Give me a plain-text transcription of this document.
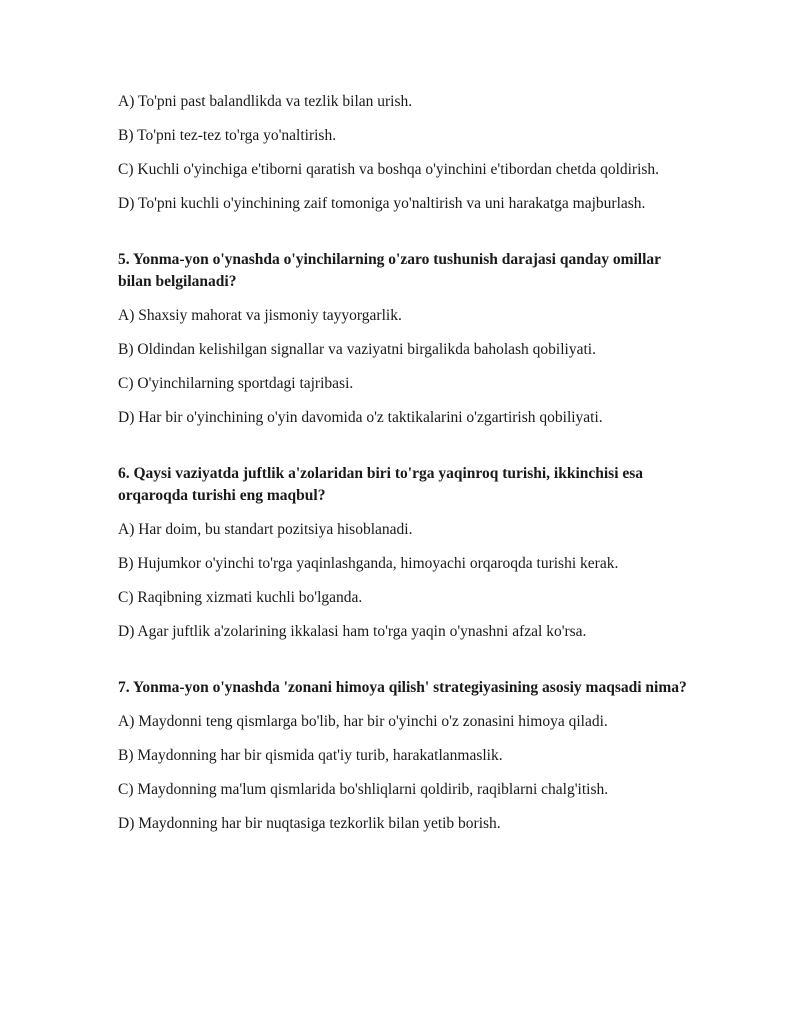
A) To'pni past balandlikda va tezlik bilan urish.

B) To'pni tez-tez to'rga yo'naltirish.

C) Kuchli o'yinchiga e'tiborni qaratish va boshqa o'yinchini e'tibordan chetda qoldirish.

D) To'pni kuchli o'yinchining zaif tomoniga yo'naltirish va uni harakatga majburlash.

5. Yonma-yon o'ynashda o'yinchilarning o'zaro tushunish darajasi qanday omillar bilan belgilanadi?

A) Shaxsiy mahorat va jismoniy tayyorgarlik.

B) Oldindan kelishilgan signallar va vaziyatni birgalikda baholash qobiliyati.

C) O'yinchilarning sportdagi tajribasi.

D) Har bir o'yinchining o'yin davomida o'z taktikalarini o'zgartirish qobiliyati.

6. Qaysi vaziyatda juftlik a'zolaridan biri to'rga yaqinroq turishi, ikkinchisi esa orqaroqda turishi eng maqbul?

A) Har doim, bu standart pozitsiya hisoblanadi.

B) Hujumkor o'yinchi to'rga yaqinlashganda, himoyachi orqaroqda turishi kerak.

C) Raqibning xizmati kuchli bo'lganda.

D) Agar juftlik a'zolarining ikkalasi ham to'rga yaqin o'ynashni afzal ko'rsa.

7. Yonma-yon o'ynashda 'zonani himoya qilish' strategiyasining asosiy maqsadi nima?

A) Maydonni teng qismlarga bo'lib, har bir o'yinchi o'z zonasini himoya qiladi.

B) Maydonning har bir qismida qat'iy turib, harakatlanmaslik.

C) Maydonning ma'lum qismlarida bo'shliqlarni qoldirib, raqiblarni chalg'itish.

D) Maydonning har bir nuqtasiga tezkorlik bilan yetib borish.
